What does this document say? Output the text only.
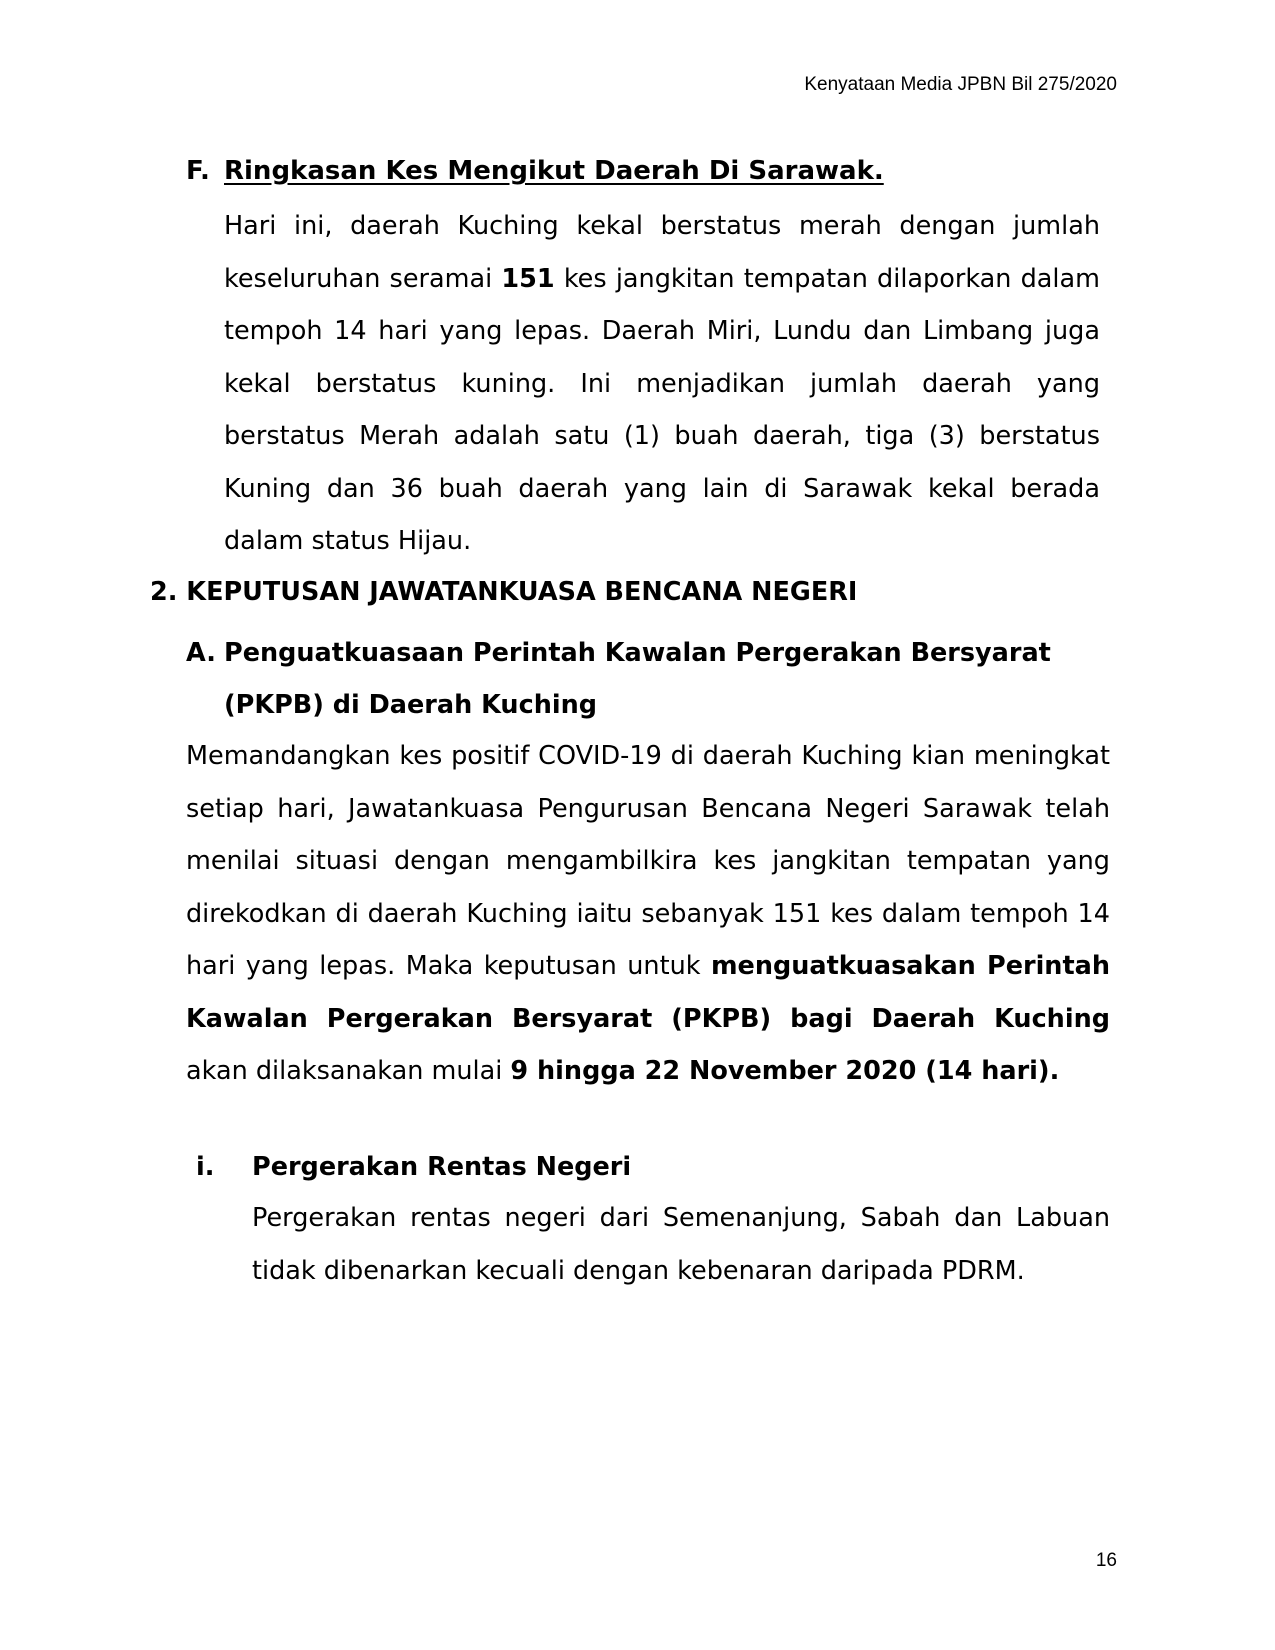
Kenyataan Media JPBN Bil 275/2020
F. Ringkasan Kes Mengikut Daerah Di Sarawak.
Hari ini, daerah Kuching kekal berstatus merah dengan jumlah keseluruhan seramai 151 kes jangkitan tempatan dilaporkan dalam tempoh 14 hari yang lepas. Daerah Miri, Lundu dan Limbang juga kekal berstatus kuning. Ini menjadikan jumlah daerah yang berstatus Merah adalah satu (1) buah daerah, tiga (3) berstatus Kuning dan 36 buah daerah yang lain di Sarawak kekal berada dalam status Hijau.
2. KEPUTUSAN JAWATANKUASA BENCANA NEGERI
A. Penguatkuasaan Perintah Kawalan Pergerakan Bersyarat
(PKPB) di Daerah Kuching
Memandangkan kes positif COVID-19 di daerah Kuching kian meningkat setiap hari, Jawatankuasa Pengurusan Bencana Negeri Sarawak telah menilai situasi dengan mengambilkira kes jangkitan tempatan yang direkodkan di daerah Kuching iaitu sebanyak 151 kes dalam tempoh 14 hari yang lepas. Maka keputusan untuk menguatkuasakan Perintah Kawalan Pergerakan Bersyarat (PKPB) bagi Daerah Kuching akan dilaksanakan mulai 9 hingga 22 November 2020 (14 hari).
i. Pergerakan Rentas Negeri
Pergerakan rentas negeri dari Semenanjung, Sabah dan Labuan tidak dibenarkan kecuali dengan kebenaran daripada PDRM.
16
